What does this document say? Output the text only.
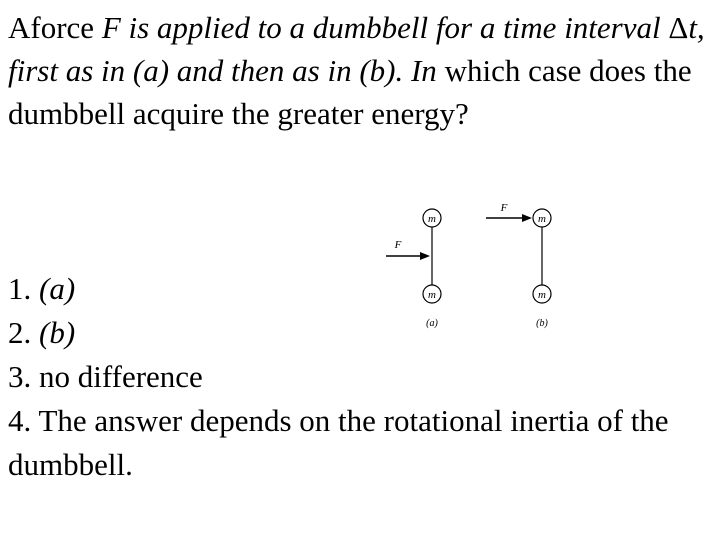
Aforce F is applied to a dumbbell for a time interval Δt, first as in (a) and then as in (b). In which case does the dumbbell acquire the greater energy?

m
m
F
(a)
m
m
F
(b)
1. (a)
2. (b)
3. no difference
4. The answer depends on the rotational inertia of the dumbbell.
